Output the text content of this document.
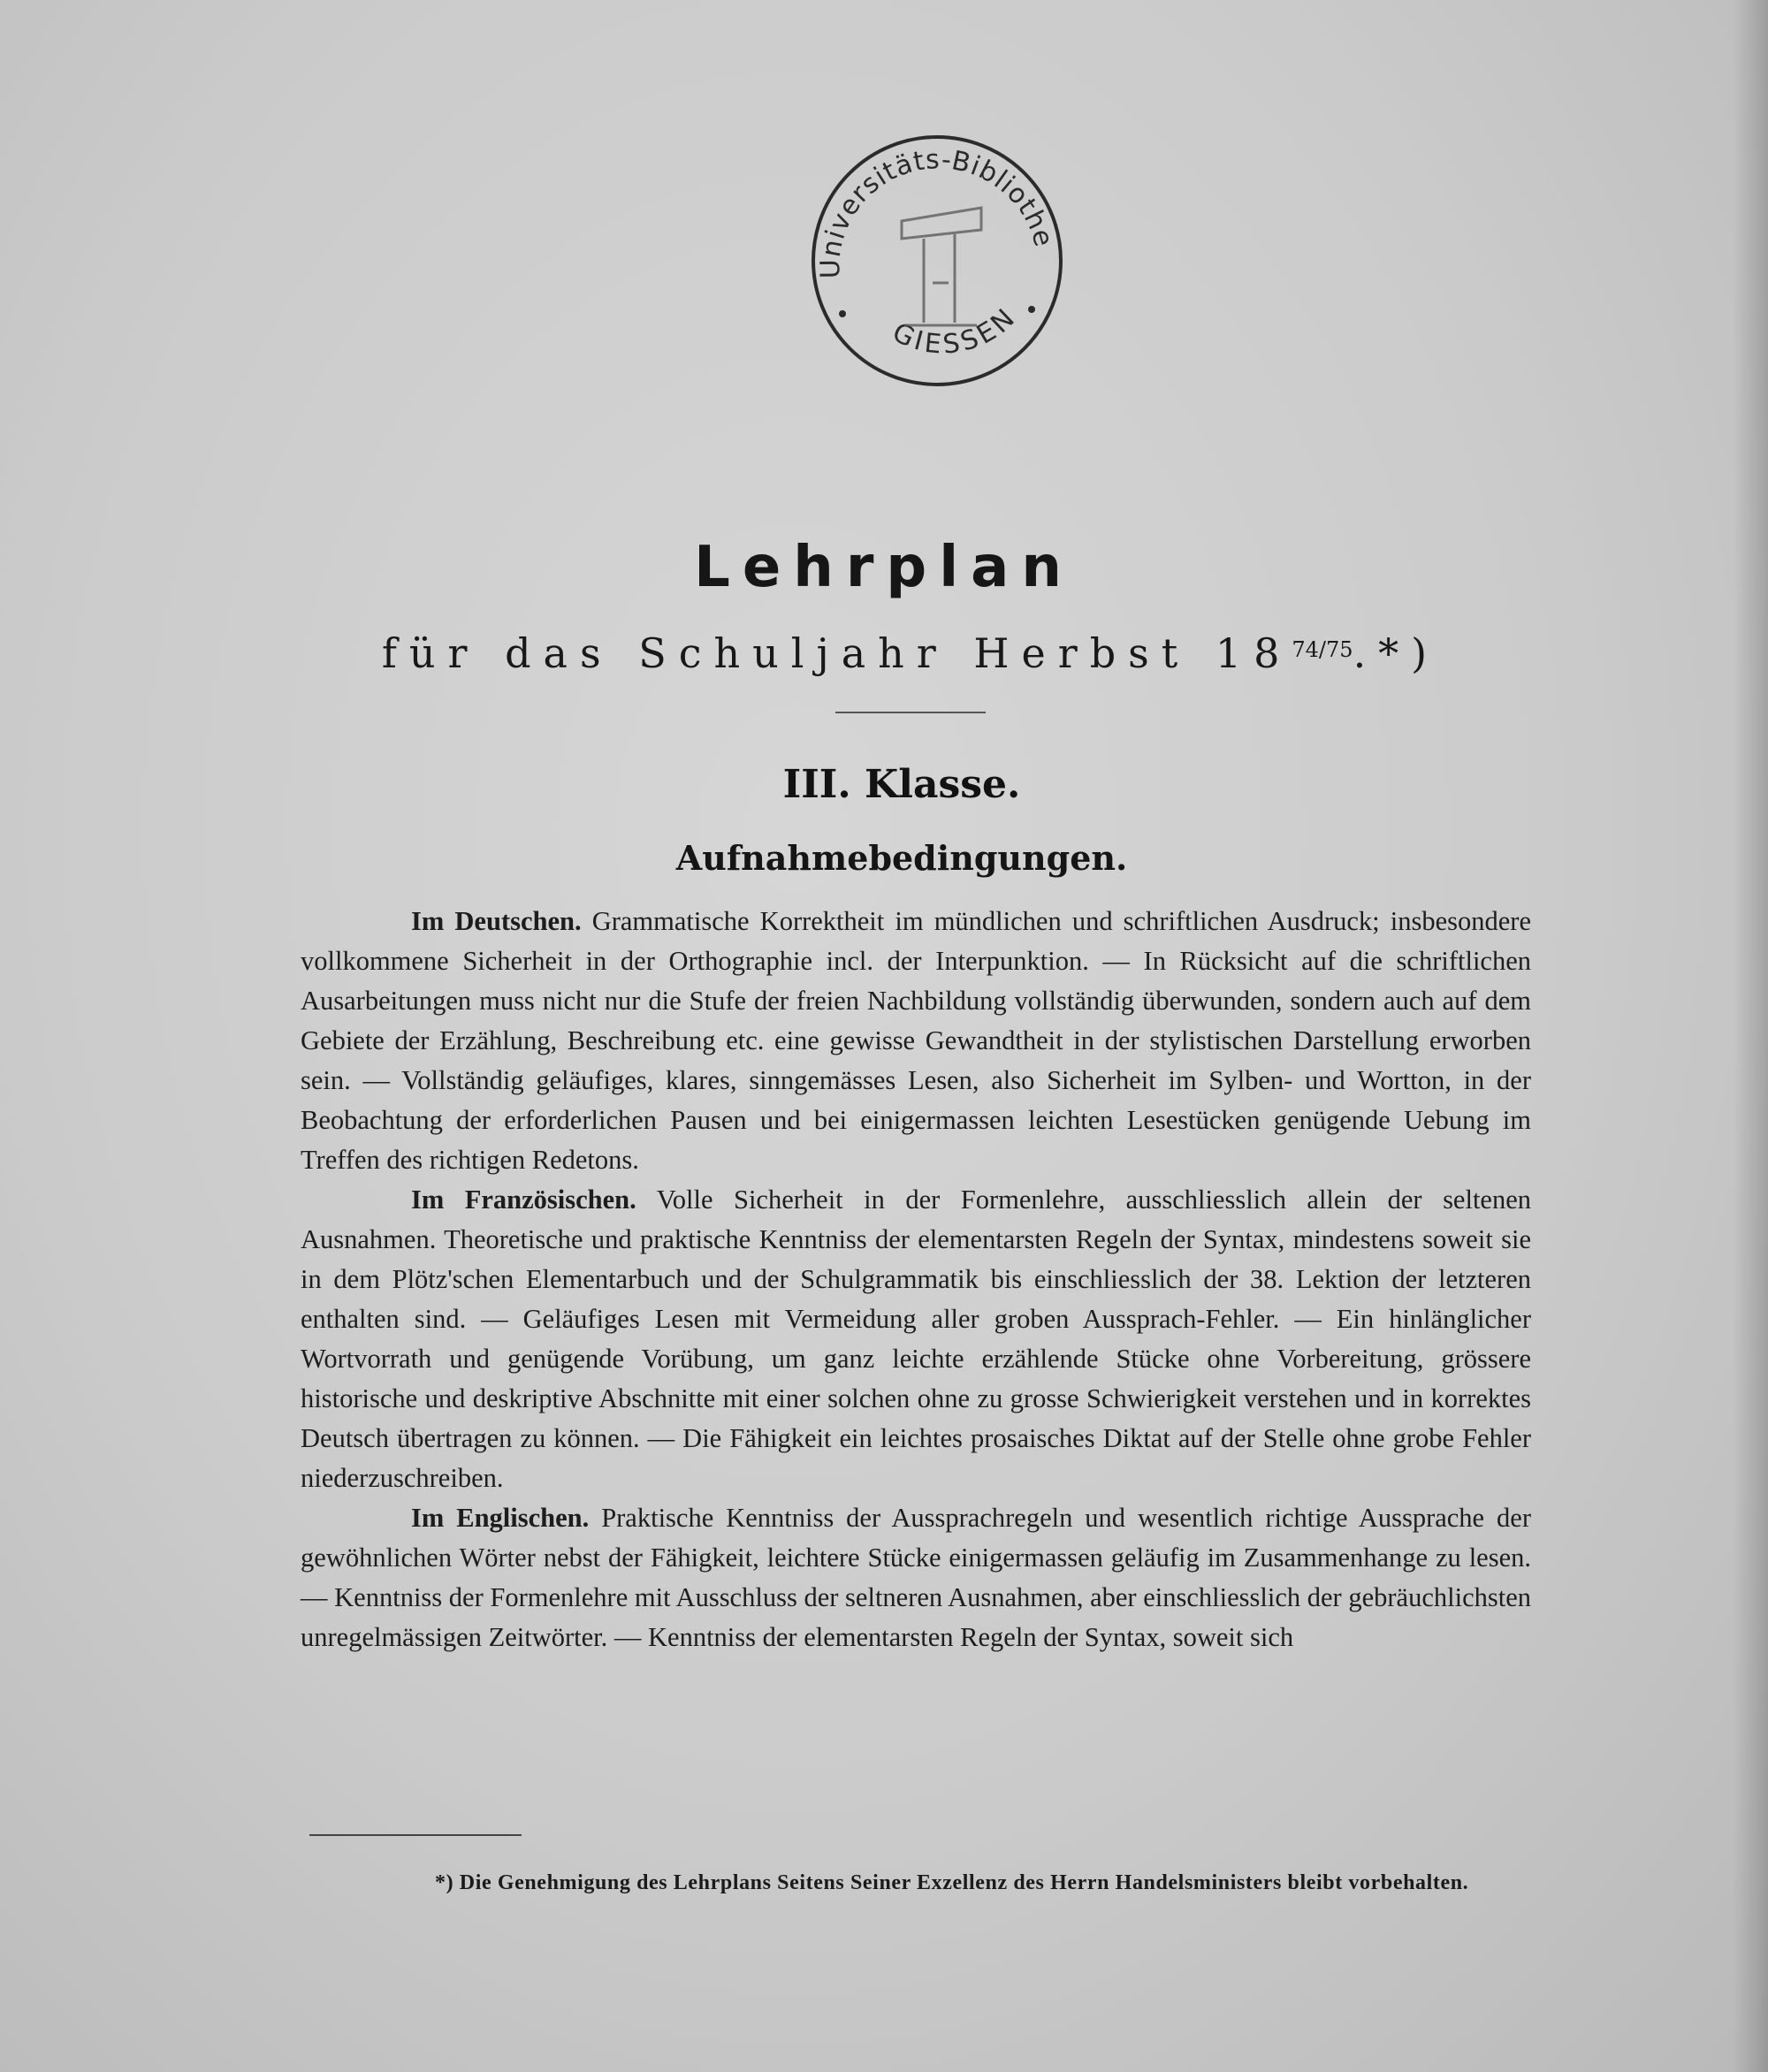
Universitäts-Bibliothe
GIESSEN
Lehrplan

für das Schuljahr Herbst $18^{74/75}.*$)

III. Klasse.
Aufnahmebedingungen.

Im Deutschen. Grammatische Korrektheit im mündlichen und schriftlichen Ausdruck; insbesondere vollkommene Sicherheit in der Orthographie incl. der Interpunktion. — In Rücksicht auf die schriftlichen Ausarbeitungen muss nicht nur die Stufe der freien Nachbildung vollständig überwunden, sondern auch auf dem Gebiete der Erzählung, Beschreibung etc. eine gewisse Gewandtheit in der stylistischen Darstellung erworben sein. — Vollständig geläufiges, klares, sinngemässes Lesen, also Sicherheit im Sylben- und Wortton, in der Beobachtung der erforderlichen Pausen und bei einigermassen leichten Lesestücken genügende Uebung im Treffen des richtigen Redetons.

Im Französischen. Volle Sicherheit in der Formenlehre, ausschliesslich allein der seltenen Ausnahmen. Theoretische und praktische Kenntniss der elementarsten Regeln der Syntax, mindestens soweit sie in dem Plötz'schen Elementarbuch und der Schulgrammatik bis einschliesslich der 38. Lektion der letzteren enthalten sind. — Geläufiges Lesen mit Vermeidung aller groben Aussprach-Fehler. — Ein hinlänglicher Wortvorrath und genügende Vorübung, um ganz leichte erzählende Stücke ohne Vorbereitung, grössere historische und deskriptive Abschnitte mit einer solchen ohne zu grosse Schwierigkeit verstehen und in korrektes Deutsch übertragen zu können. — Die Fähigkeit ein leichtes prosaisches Diktat auf der Stelle ohne grobe Fehler niederzuschreiben.

Im Englischen. Praktische Kenntniss der Aussprachregeln und wesentlich richtige Aussprache der gewöhnlichen Wörter nebst der Fähigkeit, leichtere Stücke einigermassen geläufig im Zusammenhange zu lesen. — Kenntniss der Formenlehre mit Ausschluss der seltneren Ausnahmen, aber einschliesslich der gebräuchlichsten unregelmässigen Zeitwörter. — Kenntniss der elementarsten Regeln der Syntax, soweit sich

*) Die Genehmigung des Lehrplans Seitens Seiner Exzellenz des Herrn Handelsministers bleibt vorbehalten.
